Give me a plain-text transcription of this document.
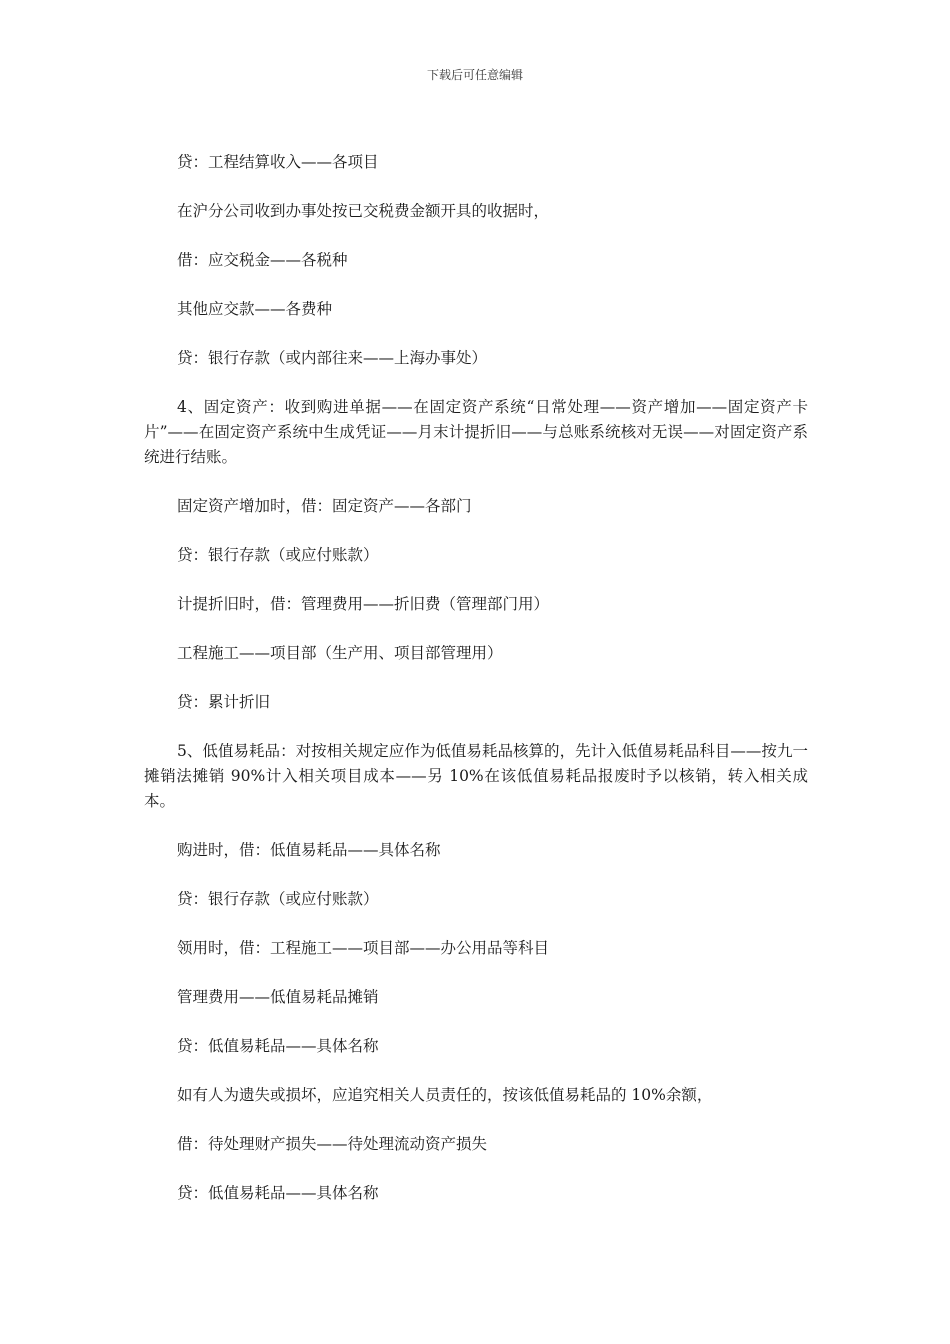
下载后可任意编辑

贷：工程结算收入——各项目

在沪分公司收到办事处按已交税费金额开具的收据时，

借：应交税金——各税种

其他应交款——各费种

贷：银行存款（或内部往来——上海办事处）

4、固定资产：收到购进单据——在固定资产系统“日常处理——资产增加——固定资产卡片”——在固定资产系统中生成凭证——月末计提折旧——与总账系统核对无误——对固定资产系统进行结账。

固定资产增加时，借：固定资产——各部门

贷：银行存款（或应付账款）

计提折旧时，借：管理费用——折旧费（管理部门用）

工程施工——项目部（生产用、项目部管理用）

贷：累计折旧

5、低值易耗品：对按相关规定应作为低值易耗品核算的，先计入低值易耗品科目——按九一摊销法摊销 90%计入相关项目成本——另 10%在该低值易耗品报废时予以核销，转入相关成本。

购进时，借：低值易耗品——具体名称

贷：银行存款（或应付账款）

领用时，借：工程施工——项目部——办公用品等科目

管理费用——低值易耗品摊销

贷：低值易耗品——具体名称

如有人为遗失或损坏，应追究相关人员责任的，按该低值易耗品的 10%余额，

借：待处理财产损失——待处理流动资产损失

贷：低值易耗品——具体名称
